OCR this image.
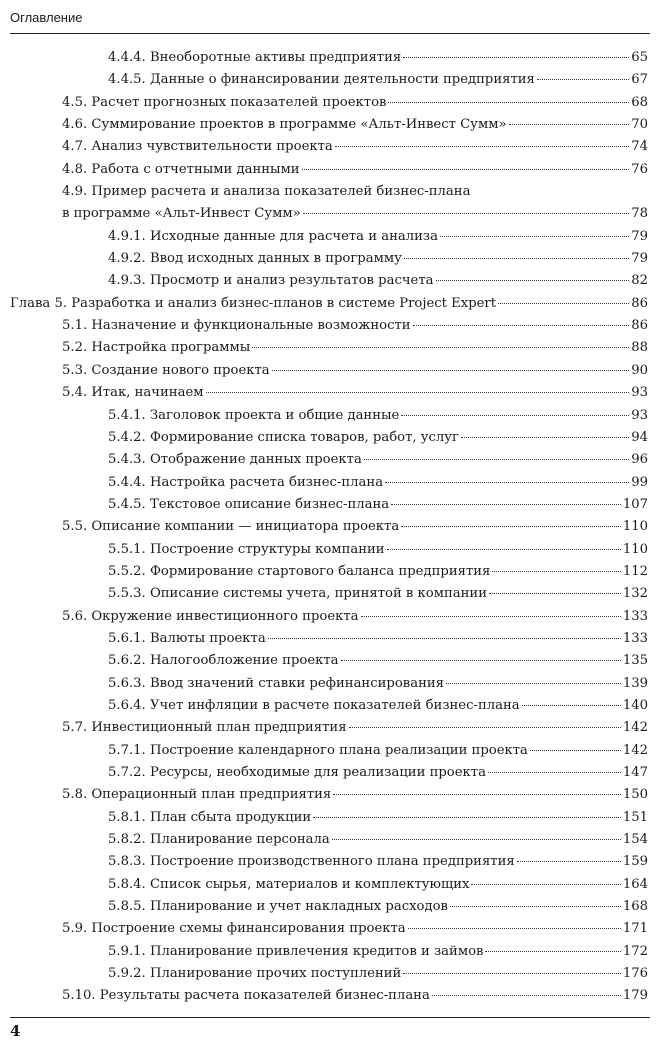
Оглавление
4.4.4. Внеоборотные активы предприятия	65
4.4.5. Данные о финансировании деятельности предприятия	67
4.5. Расчет прогнозных показателей проектов	68
4.6. Суммирование проектов в программе «Альт-Инвест Сумм»	70
4.7. Анализ чувствительности проекта	74
4.8. Работа с отчетными данными	76
4.9. Пример расчета и анализа показателей бизнес-плана
в программе «Альт-Инвест Сумм»	78
4.9.1. Исходные данные для расчета и анализа	79
4.9.2. Ввод исходных данных в программу	79
4.9.3. Просмотр и анализ результатов расчета	82
Глава 5. Разработка и анализ бизнес-планов в системе Project Expert	86
5.1. Назначение и функциональные возможности	86
5.2. Настройка программы	88
5.3. Создание нового проекта	90
5.4. Итак, начинаем	93
5.4.1. Заголовок проекта и общие данные	93
5.4.2. Формирование списка товаров, работ, услуг	94
5.4.3. Отображение данных проекта	96
5.4.4. Настройка расчета бизнес-плана	99
5.4.5. Текстовое описание бизнес-плана	107
5.5. Описание компании — инициатора проекта	110
5.5.1. Построение структуры компании	110
5.5.2. Формирование стартового баланса предприятия	112
5.5.3. Описание системы учета, принятой в компании	132
5.6. Окружение инвестиционного проекта	133
5.6.1. Валюты проекта	133
5.6.2. Налогообложение проекта	135
5.6.3. Ввод значений ставки рефинансирования	139
5.6.4. Учет инфляции в расчете показателей бизнес-плана	140
5.7. Инвестиционный план предприятия	142
5.7.1. Построение календарного плана реализации проекта	142
5.7.2. Ресурсы, необходимые для реализации проекта	147
5.8. Операционный план предприятия	150
5.8.1. План сбыта продукции	151
5.8.2. Планирование персонала	154
5.8.3. Построение производственного плана предприятия	159
5.8.4. Список сырья, материалов и комплектующих	164
5.8.5. Планирование и учет накладных расходов	168
5.9. Построение схемы финансирования проекта	171
5.9.1. Планирование привлечения кредитов и займов	172
5.9.2. Планирование прочих поступлений	176
5.10. Результаты расчета показателей бизнес-плана	179
4
